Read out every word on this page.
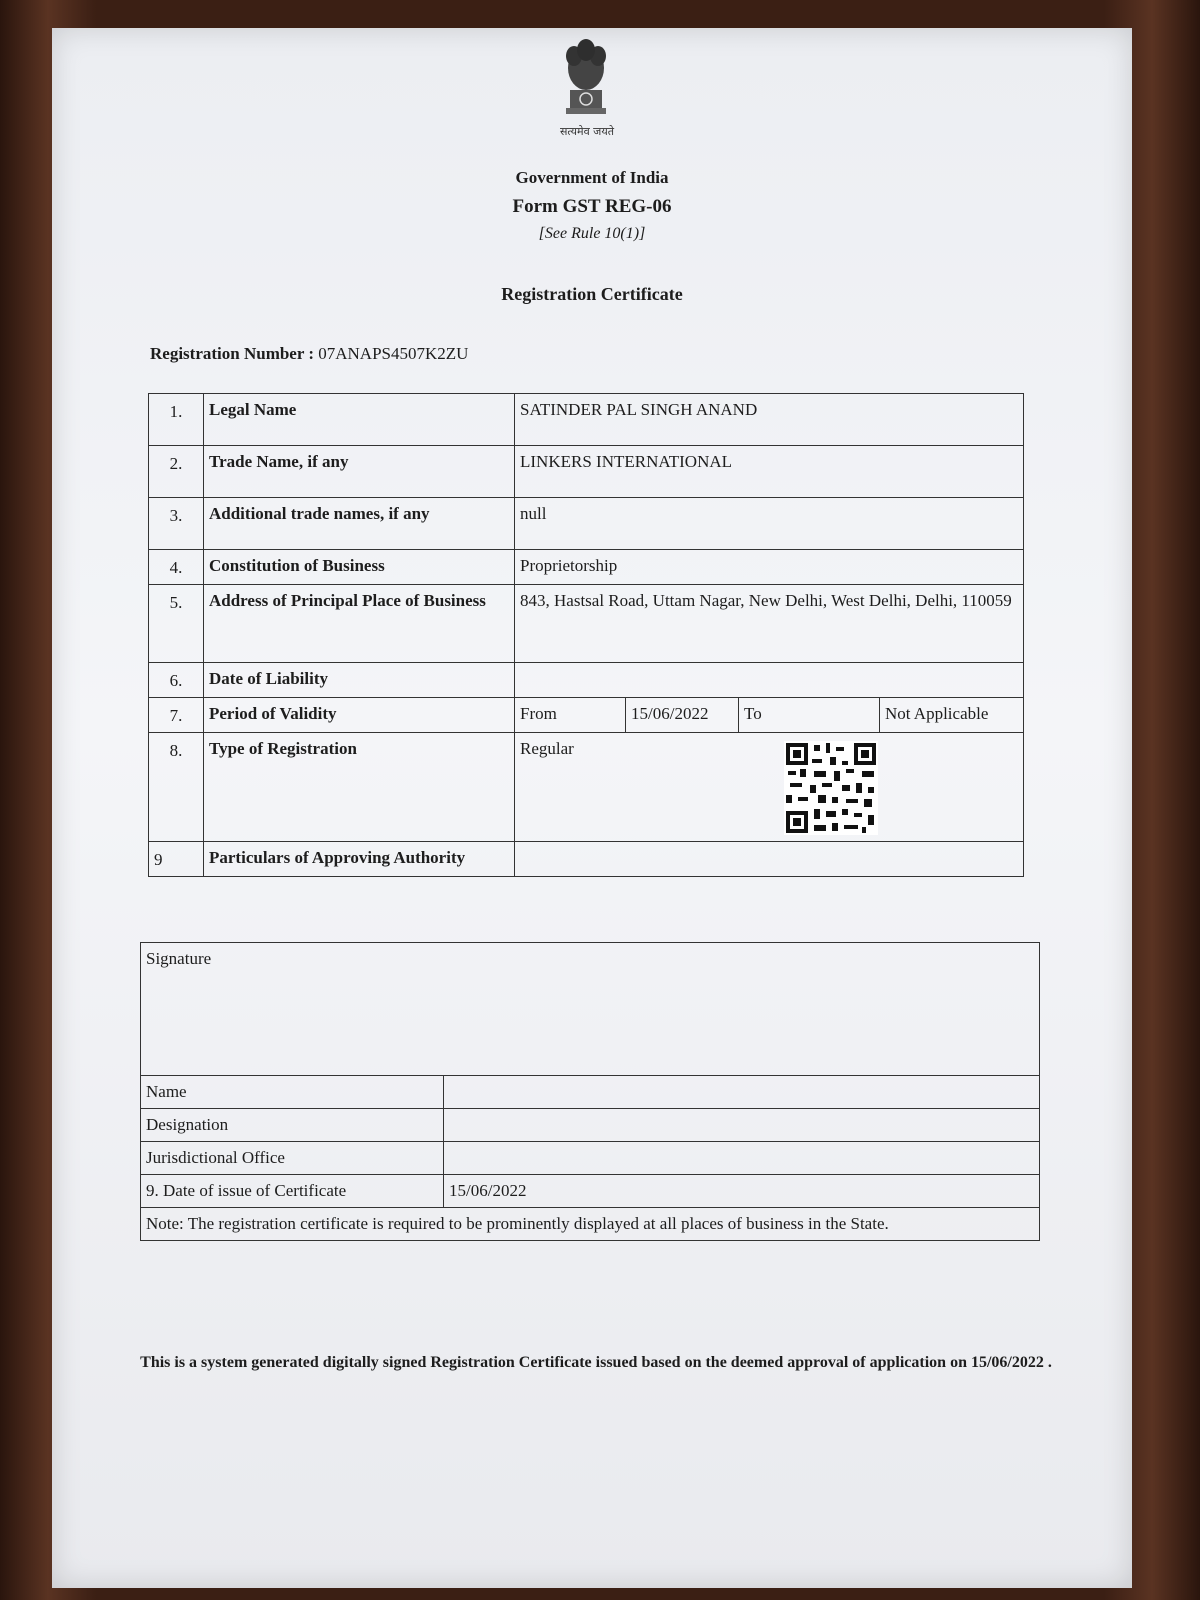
सत्यमेव जयते
Government of India
Form GST REG-06
[See Rule 10(1)]
Registration Certificate
Registration Number : 07ANAPS4507K2ZU
1.	Legal Name	SATINDER PAL SINGH ANAND			
2.	Trade Name, if any	LINKERS INTERNATIONAL			
3.	Additional trade names, if any	null			
4.	Constitution of Business	Proprietorship			
5.	Address of Principal Place of Business	843, Hastsal Road, Uttam Nagar, New Delhi, West Delhi, Delhi, 110059			
6.	Date of Liability				
7.	Period of Validity	From	15/06/2022	To	Not Applicable
8.	Type of Registration	Regular			
9	Particulars of Approving Authority				
Signature	
Name	
Designation	
Jurisdictional Office	
9. Date of issue of Certificate	15/06/2022
Note: The registration certificate is required to be prominently displayed at all places of business in the State.	
This is a system generated digitally signed Registration Certificate issued based on the deemed approval of application on 15/06/2022 .
